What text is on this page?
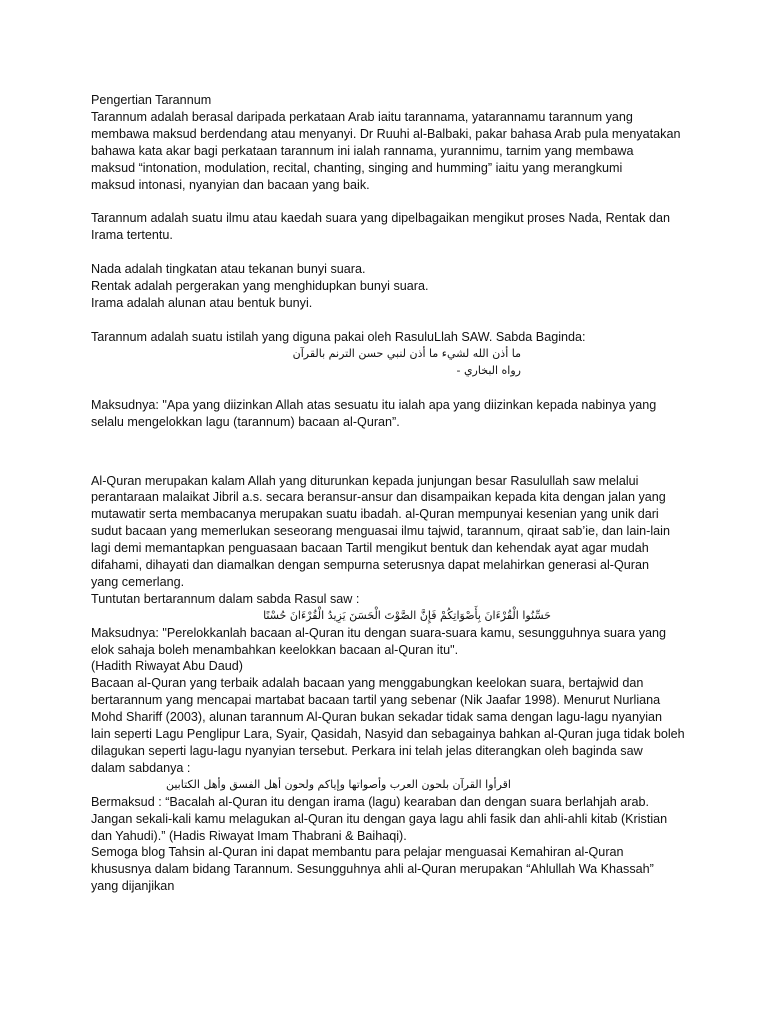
Pengertian Tarannum
Tarannum adalah berasal daripada perkataan Arab iaitu tarannama, yatarannamu tarannum yang
membawa maksud berdendang atau menyanyi. Dr Ruuhi al-Balbaki, pakar bahasa Arab pula menyatakan
bahawa kata akar bagi perkataan tarannum ini ialah rannama, yurannimu, tarnim yang membawa
maksud “intonation, modulation, recital, chanting, singing and humming” iaitu yang merangkumi
maksud intonasi, nyanyian dan bacaan yang baik.
Tarannum adalah suatu ilmu atau kaedah suara yang dipelbagaikan mengikut proses Nada, Rentak dan
Irama tertentu.
Nada adalah tingkatan atau tekanan bunyi suara.
Rentak adalah pergerakan yang menghidupkan bunyi suara.
Irama adalah alunan atau bentuk bunyi.
Tarannum adalah suatu istilah yang diguna pakai oleh RasuluLlah SAW. Sabda Baginda:
ما أذن الله لشيء ما أذن لنبي حسن الترنم بالقرآن
رواه البخاري -
Maksudnya: "Apa yang diizinkan Allah atas sesuatu itu ialah apa yang diizinkan kepada nabinya yang
selalu mengelokkan lagu (tarannum) bacaan al-Quran”.
Al-Quran merupakan kalam Allah yang diturunkan kepada junjungan besar Rasulullah saw melalui
perantaraan malaikat Jibril a.s. secara beransur-ansur dan disampaikan kepada kita dengan jalan yang
mutawatir serta membacanya merupakan suatu ibadah. al-Quran mempunyai kesenian yang unik dari
sudut bacaan yang memerlukan seseorang menguasai ilmu tajwid, tarannum, qiraat sab’ie, dan lain-lain
lagi demi memantapkan penguasaan bacaan Tartil mengikut bentuk dan kehendak ayat agar mudah
difahami, dihayati dan diamalkan dengan sempurna seterusnya dapat melahirkan generasi al-Quran
yang cemerlang.
Tuntutan bertarannum dalam sabda Rasul saw :
حَسِّنُوا الْقُرْءَانَ بِأَصْوَاتِكُمْ فَإِنَّ الصَّوْتَ الْحَسَنَ يَزِيدُ الْقُرْءَانَ حُسْنًا
Maksudnya: "Perelokkanlah bacaan al-Quran itu dengan suara-suara kamu, sesungguhnya suara yang
elok sahaja boleh menambahkan keelokkan bacaan al-Quran itu".
(Hadith Riwayat Abu Daud)
Bacaan al-Quran yang terbaik adalah bacaan yang menggabungkan keelokan suara, bertajwid dan
bertarannum yang mencapai martabat bacaan tartil yang sebenar (Nik Jaafar 1998). Menurut Nurliana
Mohd Shariff (2003), alunan tarannum Al-Quran bukan sekadar tidak sama dengan lagu-lagu nyanyian
lain seperti Lagu Penglipur Lara, Syair, Qasidah, Nasyid dan sebagainya bahkan al-Quran juga tidak boleh
dilagukan seperti lagu-lagu nyanyian tersebut. Perkara ini telah jelas diterangkan oleh baginda saw
dalam sabdanya :
اقرأوا القرآن بلحون العرب وأصواتها وإياكم ولحون أهل الفسق وأهل الكتابين
Bermaksud : “Bacalah al-Quran itu dengan irama (lagu) kearaban dan dengan suara berlahjah arab.
Jangan sekali-kali kamu melagukan al-Quran itu dengan gaya lagu ahli fasik dan ahli-ahli kitab (Kristian
dan Yahudi).” (Hadis Riwayat Imam Thabrani & Baihaqi).
Semoga blog Tahsin al-Quran ini dapat membantu para pelajar menguasai Kemahiran al-Quran
khususnya dalam bidang Tarannum. Sesungguhnya ahli al-Quran merupakan “Ahlullah Wa Khassah”
yang dijanjikan
